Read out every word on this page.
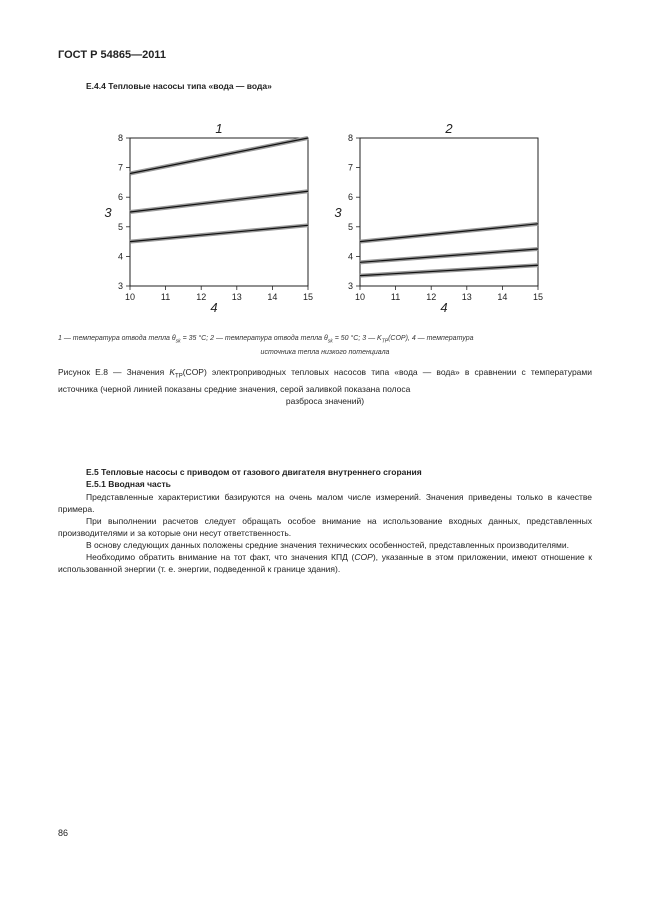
ГОСТ Р 54865—2011
Е.4.4 Тепловые насосы типа «вода — вода»
3
4
5
6
7
8
10	11	12	13	14	15
1
3
4
3
4
5
6
7
8
10	11	12	13	14	15
2
3
4
1 — температура отвода тепла $\theta_{sk} = 35$ °C; 2 — температура отвода тепла $\theta_{sk} = 50$ °C; 3 — $K_{TP}(COP)$, 4 — температура
источника тепла низкого потенциала
Рисунок Е.8 — Значения $K_{TP}(COP)$ электроприводных тепловых насосов типа «вода — вода» в сравнении с температурами источника (черной линией показаны средние значения, серой заливкой показана полоса
разброса значений)
Е.5 Тепловые насосы с приводом от газового двигателя внутреннего сгорания
Е.5.1 Вводная часть

Представленные характеристики базируются на очень малом числе измерений. Значения приведены только в качестве примера.

При выполнении расчетов следует обращать особое внимание на использование входных данных, представленных производителями и за которые они несут ответственность.

В основу следующих данных положены средние значения технических особенностей, представленных производителями.

Необходимо обратить внимание на тот факт, что значения КПД (COP), указанные в этом приложении, имеют отношение к использованной энергии (т. е. энергии, подведенной к границе здания).

86
